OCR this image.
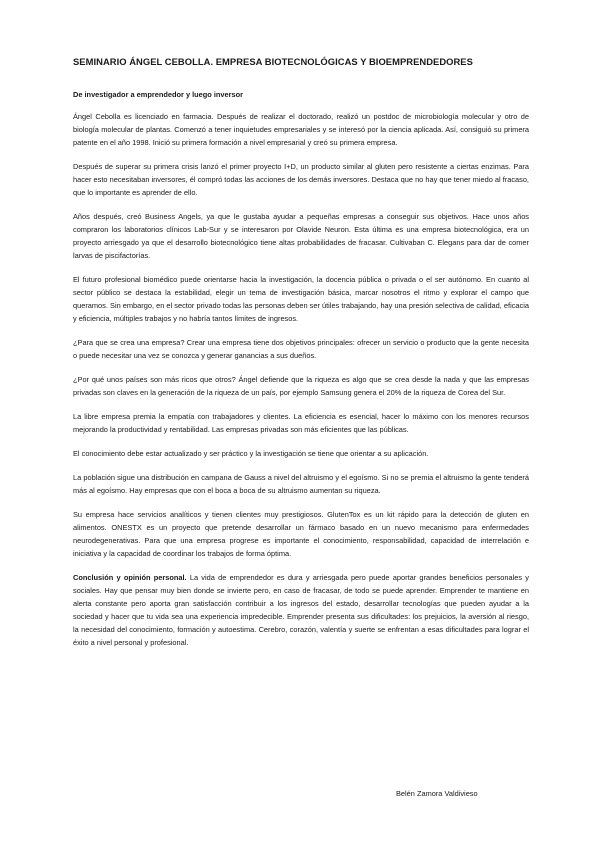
SEMINARIO ÁNGEL CEBOLLA. EMPRESA BIOTECNOLÓGICAS Y BIOEMPRENDEDORES
De investigador a emprendedor y luego inversor

Ángel Cebolla es licenciado en farmacia. Después de realizar el doctorado, realizó un postdoc de microbiología molecular y otro de biología molecular de plantas. Comenzó a tener inquietudes empresariales y se interesó por la ciencia aplicada. Así, consiguió su primera patente en el año 1998. Inició su primera formación a nivel empresarial y creó su primera empresa.

Después de superar su primera crisis lanzó el primer proyecto I+D, un producto similar al gluten pero resistente a ciertas enzimas. Para hacer esto necesitaban inversores, él compró todas las acciones de los demás inversores. Destaca que no hay que tener miedo al fracaso, que lo importante es aprender de ello.

Años después, creó Business Angels, ya que le gustaba ayudar a pequeñas empresas a conseguir sus objetivos. Hace unos años compraron los laboratorios clínicos Lab-Sur y se interesaron por Olavide Neuron. Esta última es una empresa biotecnológica, era un proyecto arriesgado ya que el desarrollo biotecnológico tiene altas probabilidades de fracasar. Cultivaban C. Elegans para dar de comer larvas de piscifactorías.

El futuro profesional biomédico puede orientarse hacia la investigación, la docencia pública o privada o el ser autónomo. En cuanto al sector público se destaca la estabilidad, elegir un tema de investigación básica, marcar nosotros el ritmo y explorar el campo que queramos. Sin embargo, en el sector privado todas las personas deben ser útiles trabajando, hay una presión selectiva de calidad, eficacia y eficiencia, múltiples trabajos y no habría tantos límites de ingresos.

¿Para que se crea una empresa? Crear una empresa tiene dos objetivos principales: ofrecer un servicio o producto que la gente necesita o puede necesitar una vez se conozca y generar ganancias a sus dueños.

¿Por qué unos países son más ricos que otros? Ángel defiende que la riqueza es algo que se crea desde la nada y que las empresas privadas son claves en la generación de la riqueza de un país, por ejemplo Samsung genera el 20% de la riqueza de Corea del Sur.

La libre empresa premia la empatía con trabajadores y clientes. La eficiencia es esencial, hacer lo máximo con los menores recursos mejorando la productividad y rentabilidad. Las empresas privadas son más eficientes que las públicas.

El conocimiento debe estar actualizado y ser práctico y la investigación se tiene que orientar a su aplicación.

La población sigue una distribución en campana de Gauss a nivel del altruismo y el egoísmo. Si no se premia el altruismo la gente tenderá más al egoísmo. Hay empresas que con el boca a boca de su altruismo aumentan su riqueza.

Su empresa hace servicios analíticos y tienen clientes muy prestigiosos. GlutenTox es un kit rápido para la detección de gluten en alimentos. ONESTX es un proyecto que pretende desarrollar un fármaco basado en un nuevo mecanismo para enfermedades neurodegenerativas. Para que una empresa progrese es importante el conocimiento, responsabilidad, capacidad de interrelación e iniciativa y la capacidad de coordinar los trabajos de forma óptima.

Conclusión y opinión personal. La vida de emprendedor es dura y arriesgada pero puede aportar grandes beneficios personales y sociales. Hay que pensar muy bien donde se invierte pero, en caso de fracasar, de todo se puede aprender. Emprender te mantiene en alerta constante pero aporta gran satisfacción contribuir a los ingresos del estado, desarrollar tecnologías que pueden ayudar a la sociedad y hacer que tu vida sea una experiencia impredecible. Emprender presenta sus dificultades: los prejuicios, la aversión al riesgo, la necesidad del conocimiento, formación y autoestima. Cerebro, corazón, valentía y suerte se enfrentan a esas dificultades para lograr el éxito a nivel personal y profesional.

Belén Zamora Valdivieso
